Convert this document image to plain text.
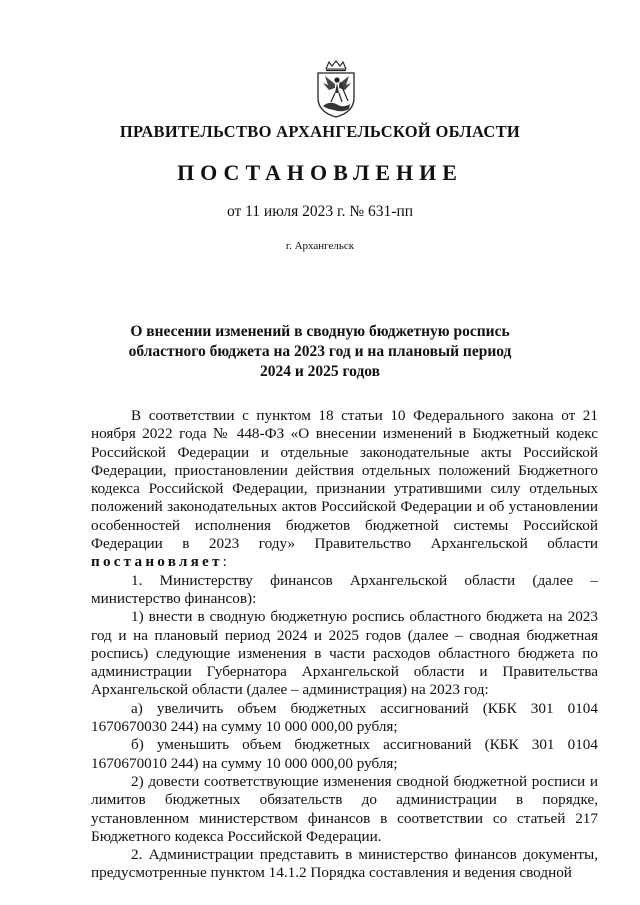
ПРАВИТЕЛЬСТВО АРХАНГЕЛЬСКОЙ ОБЛАСТИ
ПОСТАНОВЛЕНИЕ
от 11 июля 2023 г. № 631-пп
г. Архангельск
О внесении изменений в сводную бюджетную роспись
областного бюджета на 2023 год и на плановый период
2024 и 2025 годов

В соответствии с пунктом 18 статьи 10 Федерального закона от 21 ноября 2022 года № 448-ФЗ «О внесении изменений в Бюджетный кодекс Российской Федерации и отдельные законодательные акты Российской Федерации, приостановлении действия отдельных положений Бюджетного кодекса Российской Федерации, признании утратившими силу отдельных положений законодательных актов Российской Федерации и об установлении особенностей исполнения бюджетов бюджетной системы Российской Федерации в 2023 году» Правительство Архангельской области постановляет:

1. Министерству финансов Архангельской области (далее – министерство финансов):

1) внести в сводную бюджетную роспись областного бюджета на 2023 год и на плановый период 2024 и 2025 годов (далее – сводная бюджетная роспись) следующие изменения в части расходов областного бюджета по администрации Губернатора Архангельской области и Правительства Архангельской области (далее – администрация) на 2023 год:

а) увеличить объем бюджетных ассигнований (КБК 301 0104 1670670030 244) на сумму 10 000 000,00 рубля;

б) уменьшить объем бюджетных ассигнований (КБК 301 0104 1670670010 244) на сумму 10 000 000,00 рубля;

2) довести соответствующие изменения сводной бюджетной росписи и лимитов бюджетных обязательств до администрации в порядке, установленном министерством финансов в соответствии со статьей 217 Бюджетного кодекса Российской Федерации.

2. Администрации представить в министерство финансов документы, предусмотренные пунктом 14.1.2 Порядка составления и ведения сводной
